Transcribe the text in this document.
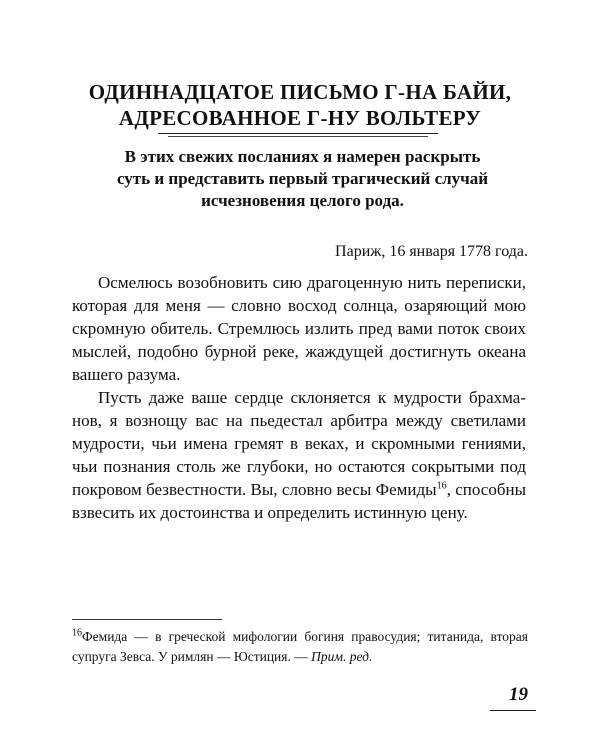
ОДИННАДЦАТОЕ ПИСЬМО Г-НА БАЙИ,
АДРЕСОВАННОЕ Г-НУ ВОЛЬТЕРУ
В этих свежих посланиях я намерен раскрыть
суть и представить первый трагический случай
исчезновения целого рода.
Париж, 16 января 1778 года.
Осмелюсь возобновить сию драгоценную нить переписки,
которая для меня — словно восход солнца, озаряющий мою
скромную обитель. Стремлюсь излить пред вами поток своих
мыслей, подобно бурной реке, жаждущей достигнуть океана
вашего разума.
Пусть даже ваше сердце склоняется к мудрости брахма-
нов, я вознощу вас на пьедестал арбитра между светилами
мудрости, чьи имена гремят в веках, и скромными гениями,
чьи познания столь же глубоки, но остаются сокрытыми под
покровом безвестности. Вы, словно весы Фемиды$^{16}$, способны
взвесить их достоинства и определить истинную цену.
$^{16}$Фемида — в греческой мифологии богиня правосудия; титанида, вторая
супруга Зевса. У римлян — Юстиция. — Прим. ред.
19
